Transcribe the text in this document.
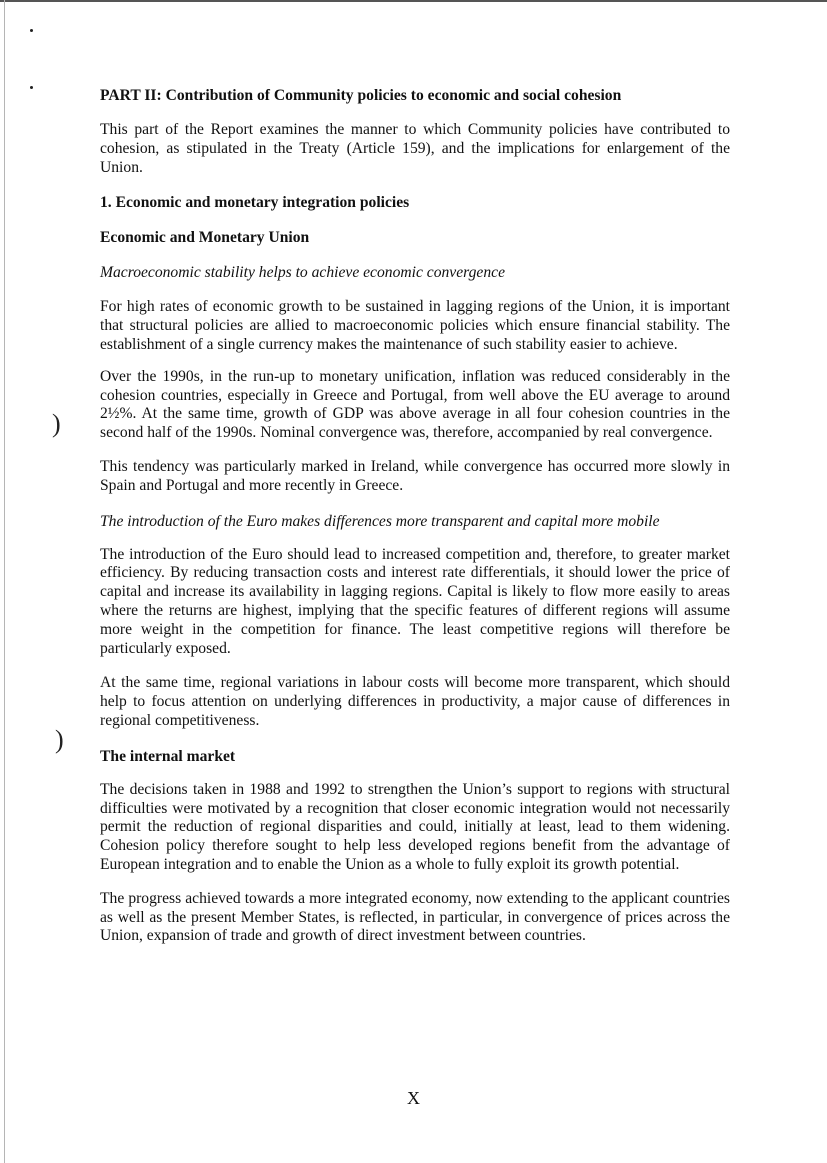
)
)

PART II: Contribution of Community policies to economic and social cohesion

This part of the Report examines the manner to which Community policies have contributed to cohesion, as stipulated in the Treaty (Article 159), and the implications for enlargement of the Union.

1. Economic and monetary integration policies

Economic and Monetary Union

Macroeconomic stability helps to achieve economic convergence

For high rates of economic growth to be sustained in lagging regions of the Union, it is important that structural policies are allied to macroeconomic policies which ensure financial stability. The establishment of a single currency makes the maintenance of such stability easier to achieve.

Over the 1990s, in the run-up to monetary unification, inflation was reduced considerably in the cohesion countries, especially in Greece and Portugal, from well above the EU average to around 2½%. At the same time, growth of GDP was above average in all four cohesion countries in the second half of the 1990s. Nominal convergence was, therefore, accompanied by real convergence.

This tendency was particularly marked in Ireland, while convergence has occurred more slowly in Spain and Portugal and more recently in Greece.

The introduction of the Euro makes differences more transparent and capital more mobile

The introduction of the Euro should lead to increased competition and, therefore, to greater market efficiency. By reducing transaction costs and interest rate differentials, it should lower the price of capital and increase its availability in lagging regions. Capital is likely to flow more easily to areas where the returns are highest, implying that the specific features of different regions will assume more weight in the competition for finance. The least competitive regions will therefore be particularly exposed.

At the same time, regional variations in labour costs will become more transparent, which should help to focus attention on underlying differences in productivity, a major cause of differences in regional competitiveness.

The internal market

The decisions taken in 1988 and 1992 to strengthen the Union’s support to regions with structural difficulties were motivated by a recognition that closer economic integration would not necessarily permit the reduction of regional disparities and could, initially at least, lead to them widening. Cohesion policy therefore sought to help less developed regions benefit from the advantage of European integration and to enable the Union as a whole to fully exploit its growth potential.

The progress achieved towards a more integrated economy, now extending to the applicant countries as well as the present Member States, is reflected, in particular, in convergence of prices across the Union, expansion of trade and growth of direct investment between countries.

X
